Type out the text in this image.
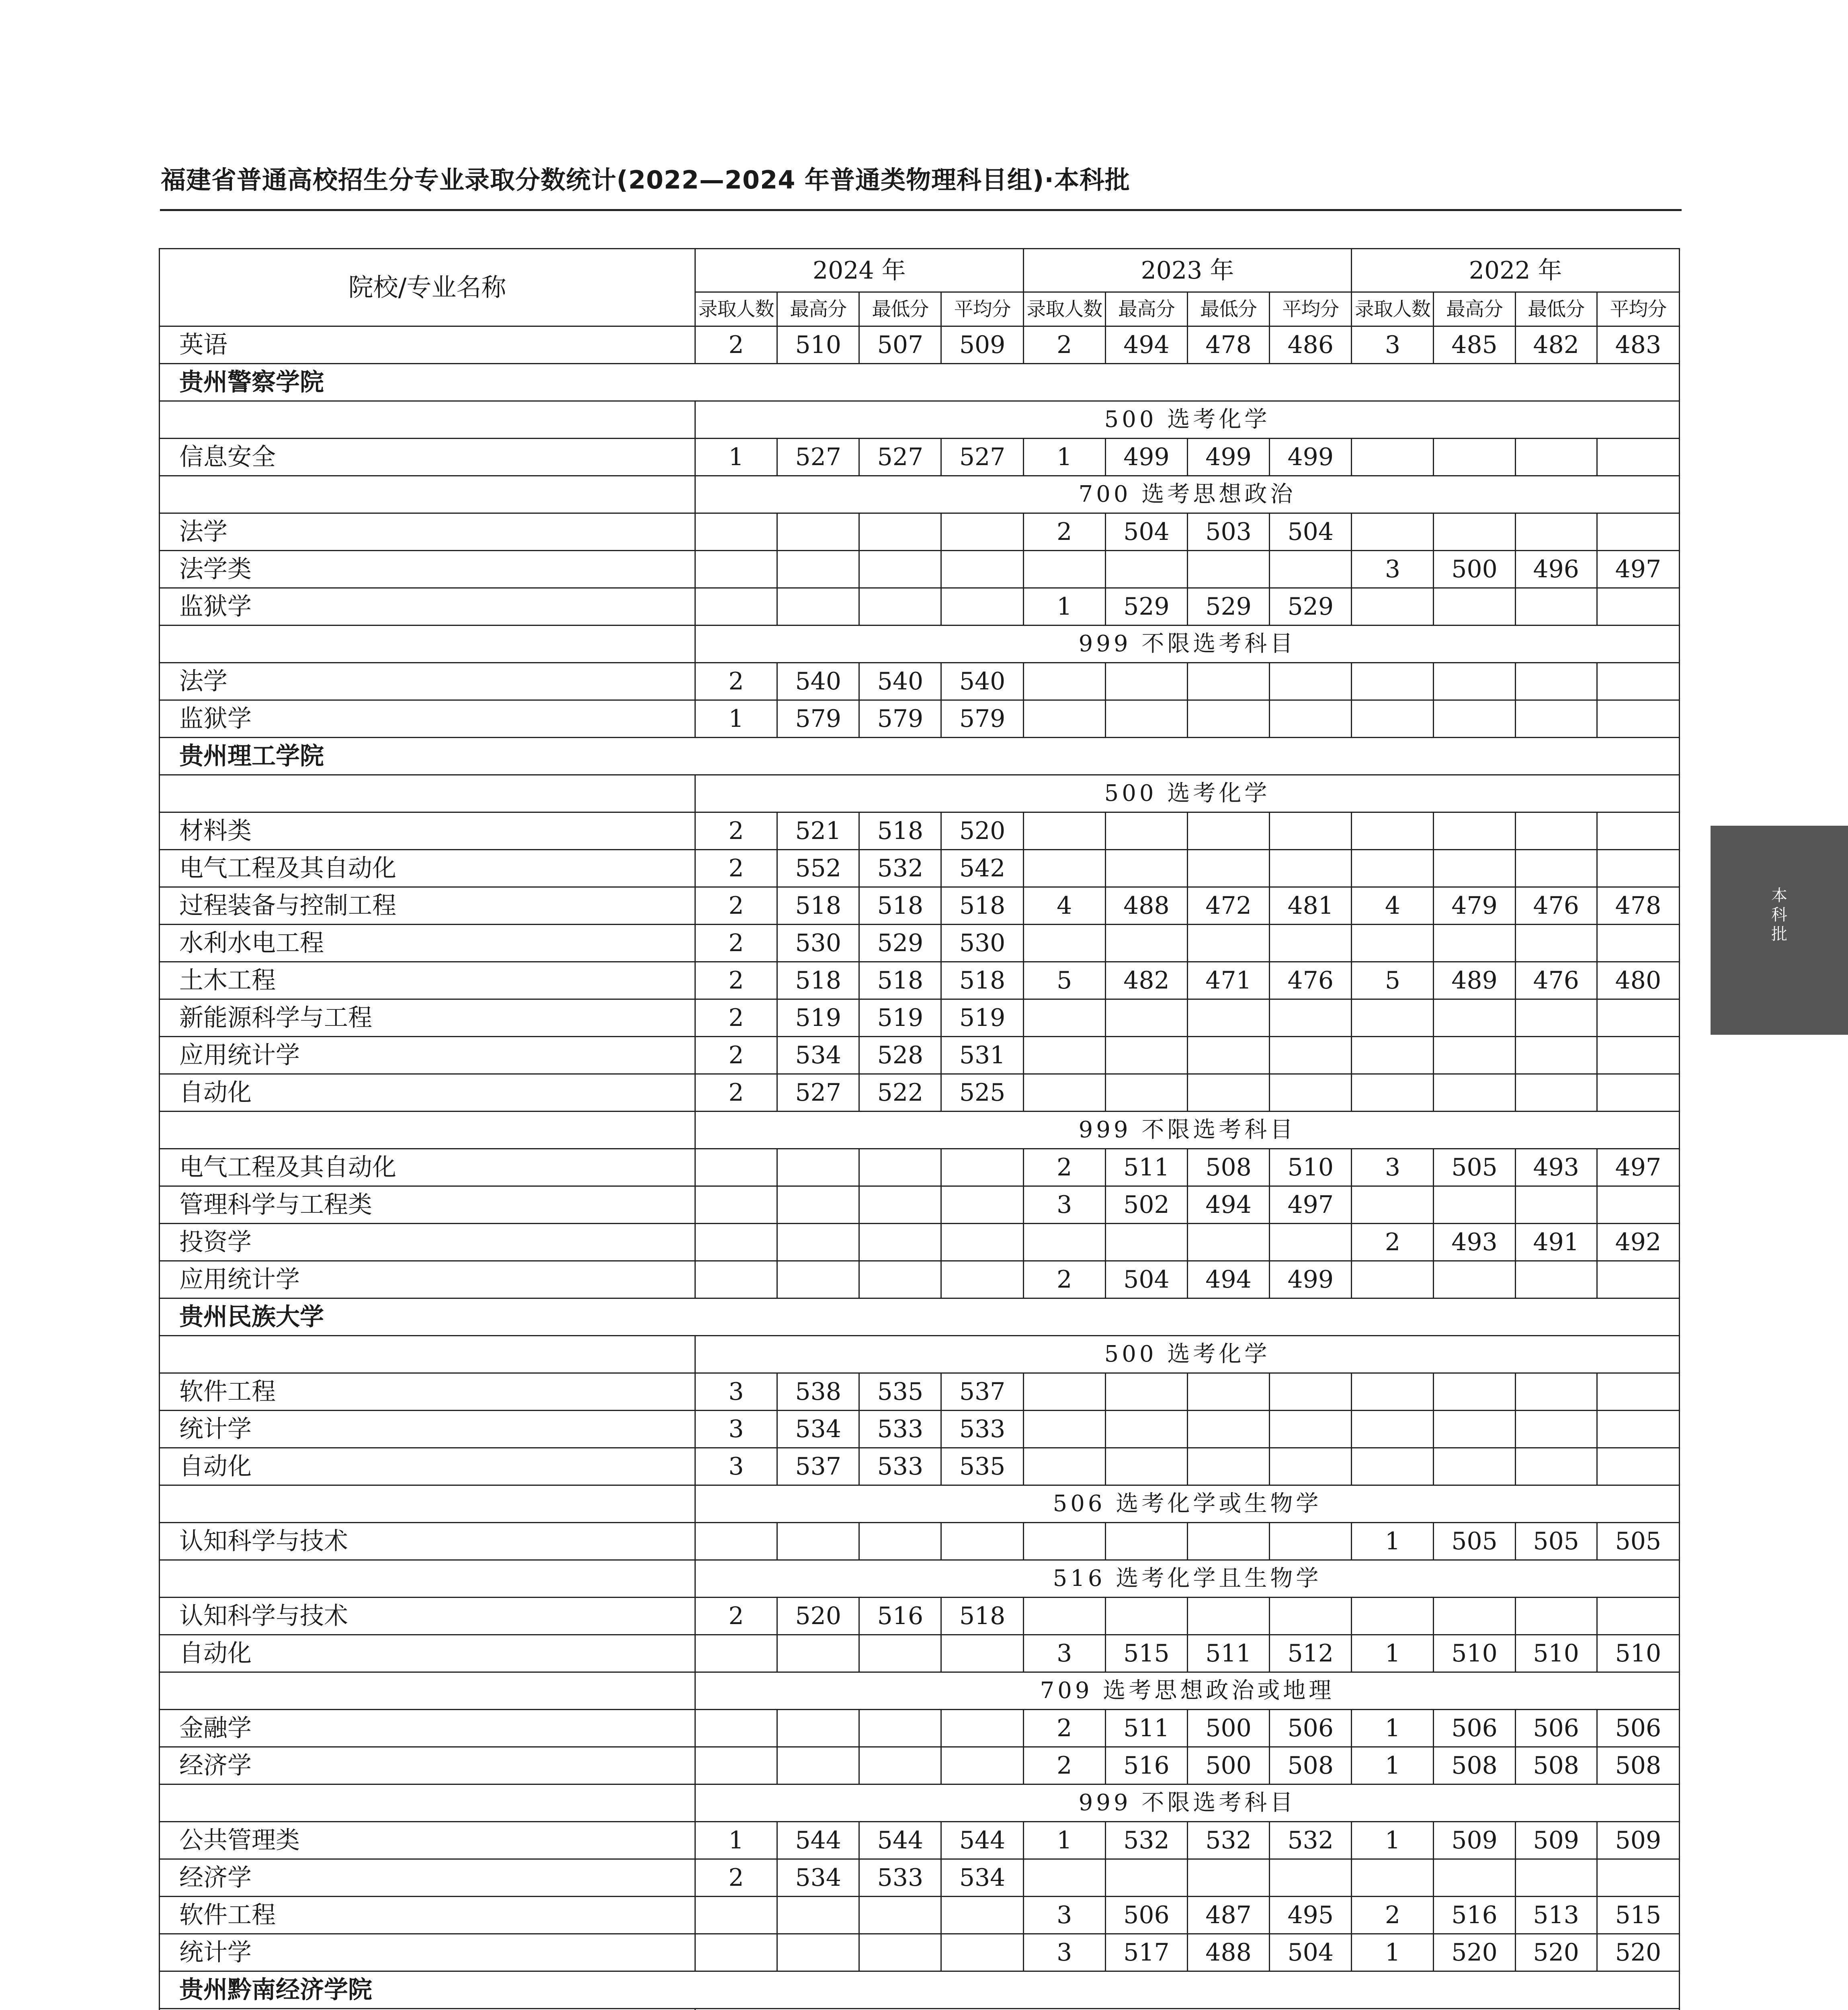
福建省普通高校招生分专业录取分数统计(2022—2024 年普通类物理科目组)·本科批
院校/专业名称	2024 年				2023 年				2022 年			
	录取人数	最高分	最低分	平均分	录取人数	最高分	最低分	平均分	录取人数	最高分	最低分	平均分
英语	2	510	507	509	2	494	478	486	3	485	482	483
贵州警察学院												
	500 选考化学											
信息安全	1	527	527	527	1	499	499	499				
	700 选考思想政治											
法学					2	504	503	504				
法学类									3	500	496	497
监狱学					1	529	529	529				
	999 不限选考科目											
法学	2	540	540	540								
监狱学	1	579	579	579								
贵州理工学院												
	500 选考化学											
材料类	2	521	518	520								
电气工程及其自动化	2	552	532	542								
过程装备与控制工程	2	518	518	518	4	488	472	481	4	479	476	478
水利水电工程	2	530	529	530								
土木工程	2	518	518	518	5	482	471	476	5	489	476	480
新能源科学与工程	2	519	519	519								
应用统计学	2	534	528	531								
自动化	2	527	522	525								
	999 不限选考科目											
电气工程及其自动化					2	511	508	510	3	505	493	497
管理科学与工程类					3	502	494	497				
投资学									2	493	491	492
应用统计学					2	504	494	499				
贵州民族大学												
	500 选考化学											
软件工程	3	538	535	537								
统计学	3	534	533	533								
自动化	3	537	533	535								
	506 选考化学或生物学											
认知科学与技术									1	505	505	505
	516 选考化学且生物学											
认知科学与技术	2	520	516	518								
自动化					3	515	511	512	1	510	510	510
	709 选考思想政治或地理											
金融学					2	511	500	506	1	506	506	506
经济学					2	516	500	508	1	508	508	508
	999 不限选考科目											
公共管理类	1	544	544	544	1	532	532	532	1	509	509	509
经济学	2	534	533	534								
软件工程					3	506	487	495	2	516	513	515
统计学					3	517	488	504	1	520	520	520
贵州黔南经济学院												

本
科
批
